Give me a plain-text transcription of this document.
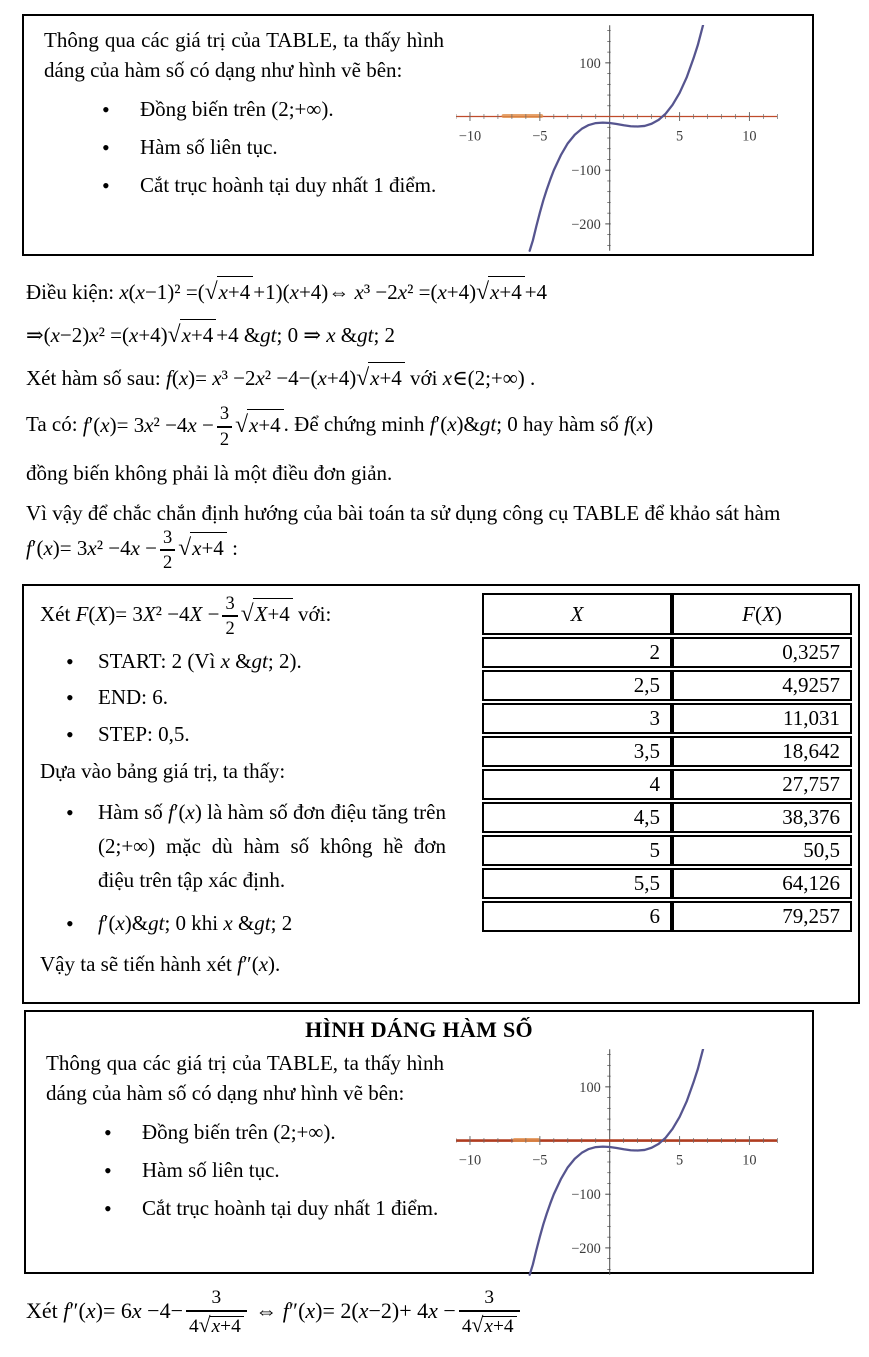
Thông qua các giá trị của TABLE, ta thấy hình dáng của hàm số có dạng như hình vẽ bên:

• Đồng biến trên (2;+∞).
• Hàm số liên tục.
• Cắt trục hoành tại duy nhất 1 điểm.
100
−100
−200
−10	−5	5	10
Điều kiện: x(x−1)² =(√x+4 +1)(x+4)⇔ x³ −2x² =(x+4)√x+4 +4
⇒(x−2)x² =(x+4)√x+4 +4 &gt; 0 ⇒ x &gt; 2
Xét hàm số sau: f(x)= x³ −2x² −4−(x+4)√x+4 với x∈(2;+∞) .
Ta có: $f'(x)= 3x^2 -4x - \frac{3}{2} √x+4$ . Để chứng minh f′(x)&gt; 0 hay hàm số f(x)
đồng biến không phải là một điều đơn giản.
Vì vậy để chắc chắn định hướng của bài toán ta sử dụng công cụ TABLE để khảo sát hàm $f'(x)= 3x^2 -4x - \frac{3}{2} √x+4$ :
Xét $F(X)= 3X^2 -4X - \frac{3}{2} √X+4$ với:
• START: 2 (Vì x &gt; 2).
• END: 6.
• STEP: 0,5.

Dựa vào bảng giá trị, ta thấy:

• Hàm số f′(x) là hàm số đơn điệu tăng trên (2;+∞) mặc dù hàm số không hề đơn điệu trên tập xác định.
• f′(x)&gt; 0 khi x &gt; 2

Vậy ta sẽ tiến hành xét f″(x).

X	F(X)
2	0,3257
2,5	4,9257
3	11,031
3,5	18,642
4	27,757
4,5	38,376
5	50,5
5,5	64,126
6	79,257
HÌNH DÁNG HÀM SỐ

Thông qua các giá trị của TABLE, ta thấy hình dáng của hàm số có dạng như hình vẽ bên:

• Đồng biến trên (2;+∞).
• Hàm số liên tục.
• Cắt trục hoành tại duy nhất 1 điểm.
100
−100
−200
−10	−5	5	10

Xét $f''(x)= 6x -4- \frac{3}{4√x+4}$ ⇔ $f''(x)= 2(x-2)+ 4x - \frac{3}{4√x+4}$
